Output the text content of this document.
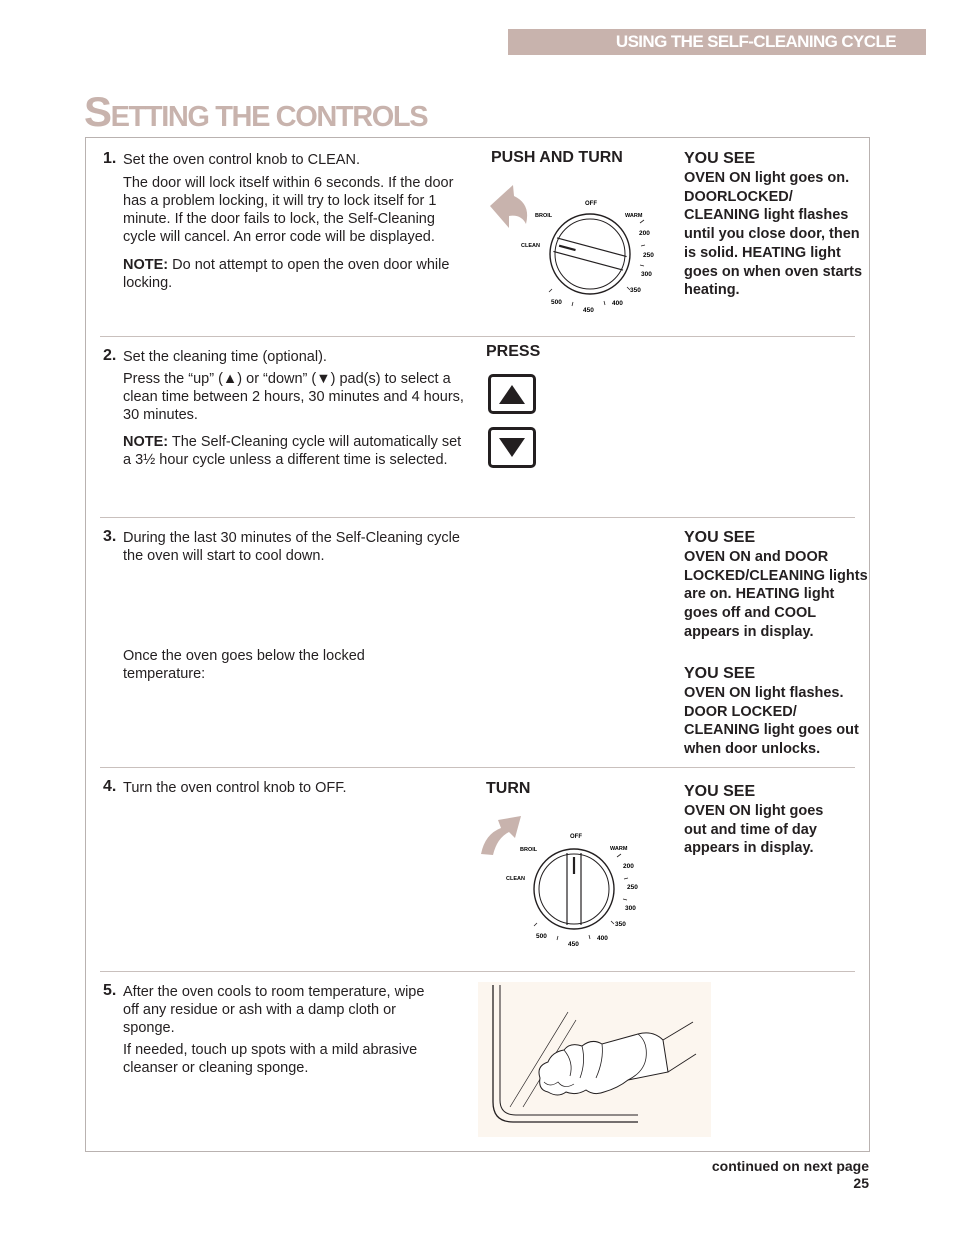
USING THE SELF-CLEANING CYCLE
SETTING THE CONTROLS
1. Set the oven control knob to CLEAN.

The door will lock itself within 6 seconds. If the door has a problem locking, it will try to lock itself for 1 minute. If the door fails to lock, the Self-Cleaning cycle will cancel. An error code will be displayed.

NOTE: Do not attempt to open the oven door while locking.

PUSH AND TURN
OFF
BROIL	WARM
CLEAN
200
250
300
350
400
450
500
YOU SEE
OVEN ON light goes on. DOORLOCKED/ CLEANING light flashes until you close door, then is solid. HEATING light goes on when oven starts heating.
2. Set the cleaning time (optional).

Press the “up” (▲) or “down” (▼) pad(s) to select a clean time between 2 hours, 30 minutes and 4 hours, 30 minutes.

NOTE: The Self-Cleaning cycle will automatically set a 3½ hour cycle unless a different time is selected.

PRESS
3. During the last 30 minutes of the Self-Cleaning cycle the oven will start to cool down.

Once the oven goes below the locked temperature:
YOU SEE
OVEN ON and DOOR LOCKED/CLEANING lights are on. HEATING light goes off and COOL appears in display.
YOU SEE
OVEN ON light flashes. DOOR LOCKED/ CLEANING light goes out when door unlocks.
4. Turn the oven control knob to OFF.	TURN
OFF
BROIL	WARM
CLEAN
200
250
300
350
400
450
500
YOU SEE
OVEN ON light goes out and time of day appears in display.
5. After the oven cools to room temperature, wipe off any residue or ash with a damp cloth or sponge.

If needed, touch up spots with a mild abrasive cleanser or cleaning sponge.

continued on next page
25
